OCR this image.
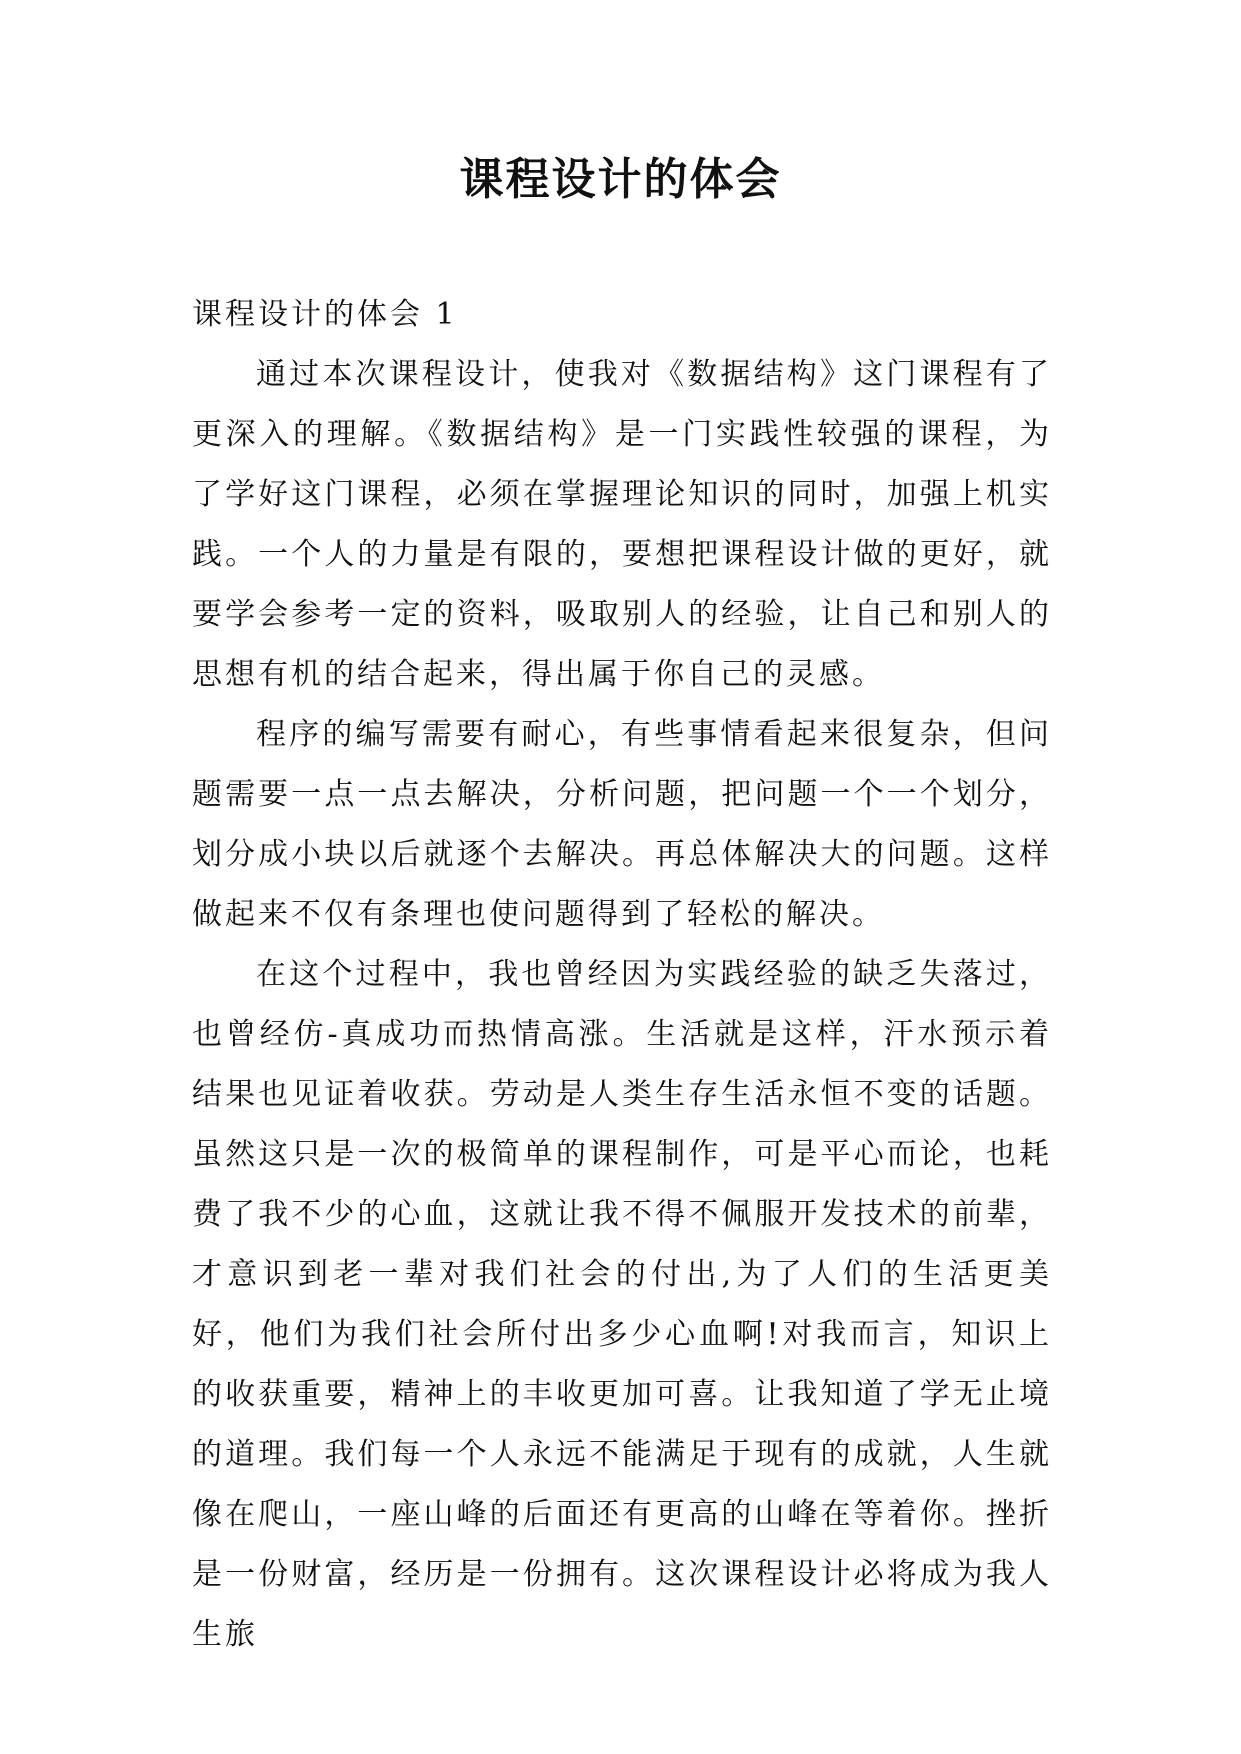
课程设计的体会

课程设计的体会 1

通过本次课程设计，使我对《数据结构》这门课程有了更深入的理解。《数据结构》是一门实践性较强的课程，为了学好这门课程，必须在掌握理论知识的同时，加强上机实践。一个人的力量是有限的，要想把课程设计做的更好，就要学会参考一定的资料，吸取别人的经验，让自己和别人的思想有机的结合起来，得出属于你自己的灵感。

程序的编写需要有耐心，有些事情看起来很复杂，但问题需要一点一点去解决，分析问题，把问题一个一个划分，划分成小块以后就逐个去解决。再总体解决大的问题。这样做起来不仅有条理也使问题得到了轻松的解决。

在这个过程中，我也曾经因为实践经验的缺乏失落过，也曾经仿-真成功而热情高涨。生活就是这样，汗水预示着结果也见证着收获。劳动是人类生存生活永恒不变的话题。虽然这只是一次的极简单的课程制作，可是平心而论，也耗费了我不少的心血，这就让我不得不佩服开发技术的前辈，才意识到老一辈对我们社会的付出,为了人们的生活更美好，他们为我们社会所付出多少心血啊!对我而言，知识上的收获重要，精神上的丰收更加可喜。让我知道了学无止境的道理。我们每一个人永远不能满足于现有的成就，人生就像在爬山，一座山峰的后面还有更高的山峰在等着你。挫折是一份财富，经历是一份拥有。这次课程设计必将成为我人生旅
